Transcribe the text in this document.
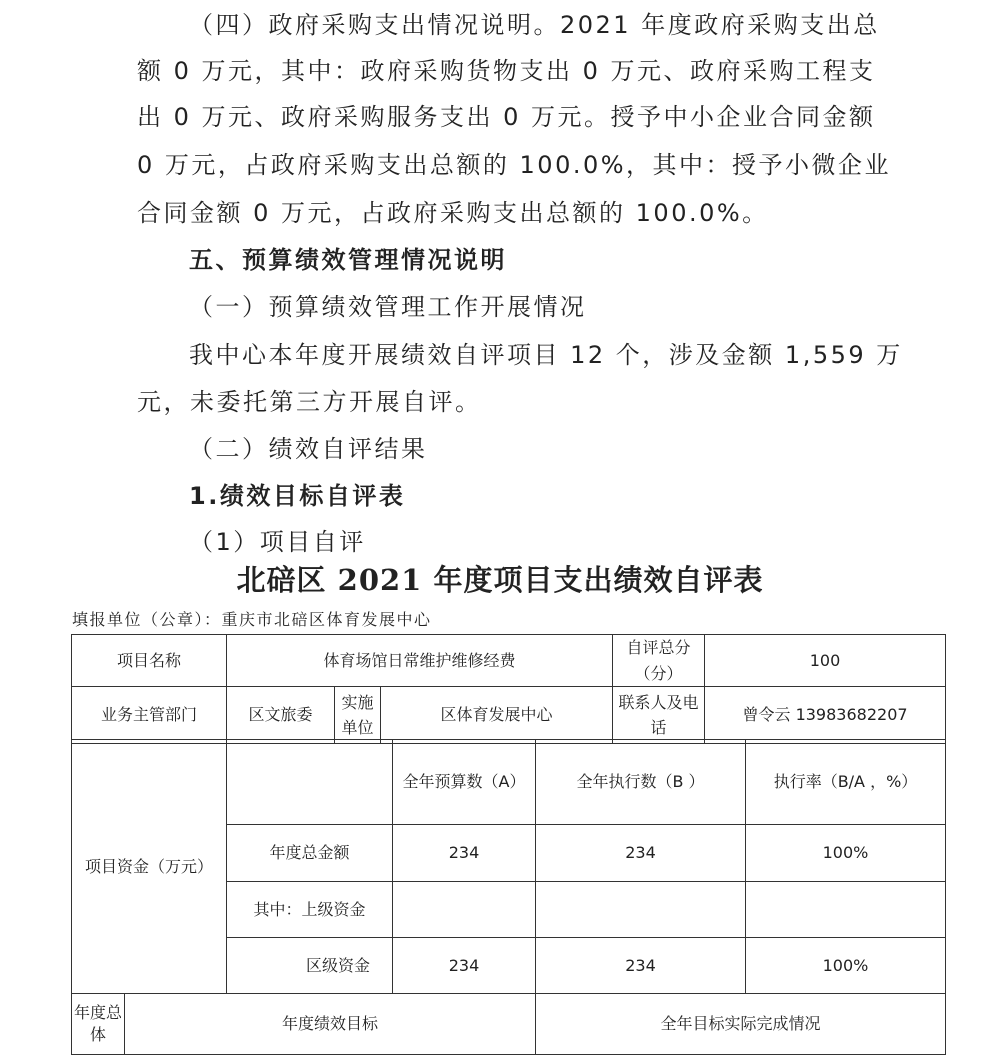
（四）政府采购支出情况说明。2021 年度政府采购支出总
额 0 万元，其中：政府采购货物支出 0 万元、政府采购工程支
出 0 万元、政府采购服务支出 0 万元。授予中小企业合同金额
0 万元，占政府采购支出总额的 100.0%，其中：授予小微企业
合同金额 0 万元，占政府采购支出总额的 100.0%。
五、预算绩效管理情况说明
（一）预算绩效管理工作开展情况
我中心本年度开展绩效自评项目 12 个，涉及金额 1,559 万
元，未委托第三方开展自评。
（二）绩效自评结果
1.绩效目标自评表
（1）项目自评
北碚区 2021 年度项目支出绩效自评表
填报单位（公章）：重庆市北碚区体育发展中心
项目名称	体育场馆日常维护维修经费			自评总分（分）	100
业务主管部门	区文旅委	实施单位	区体育发展中心	联系人及电话	曾令云 13983682207
项目资金（万元）		全年预算数（A）	全年执行数（B ）	执行率（B/A ，%）
	年度总金额	234	234	100%
	其中：上级资金			
	区级资金	234	234	100%
年度总体	年度绩效目标	全年目标实际完成情况
